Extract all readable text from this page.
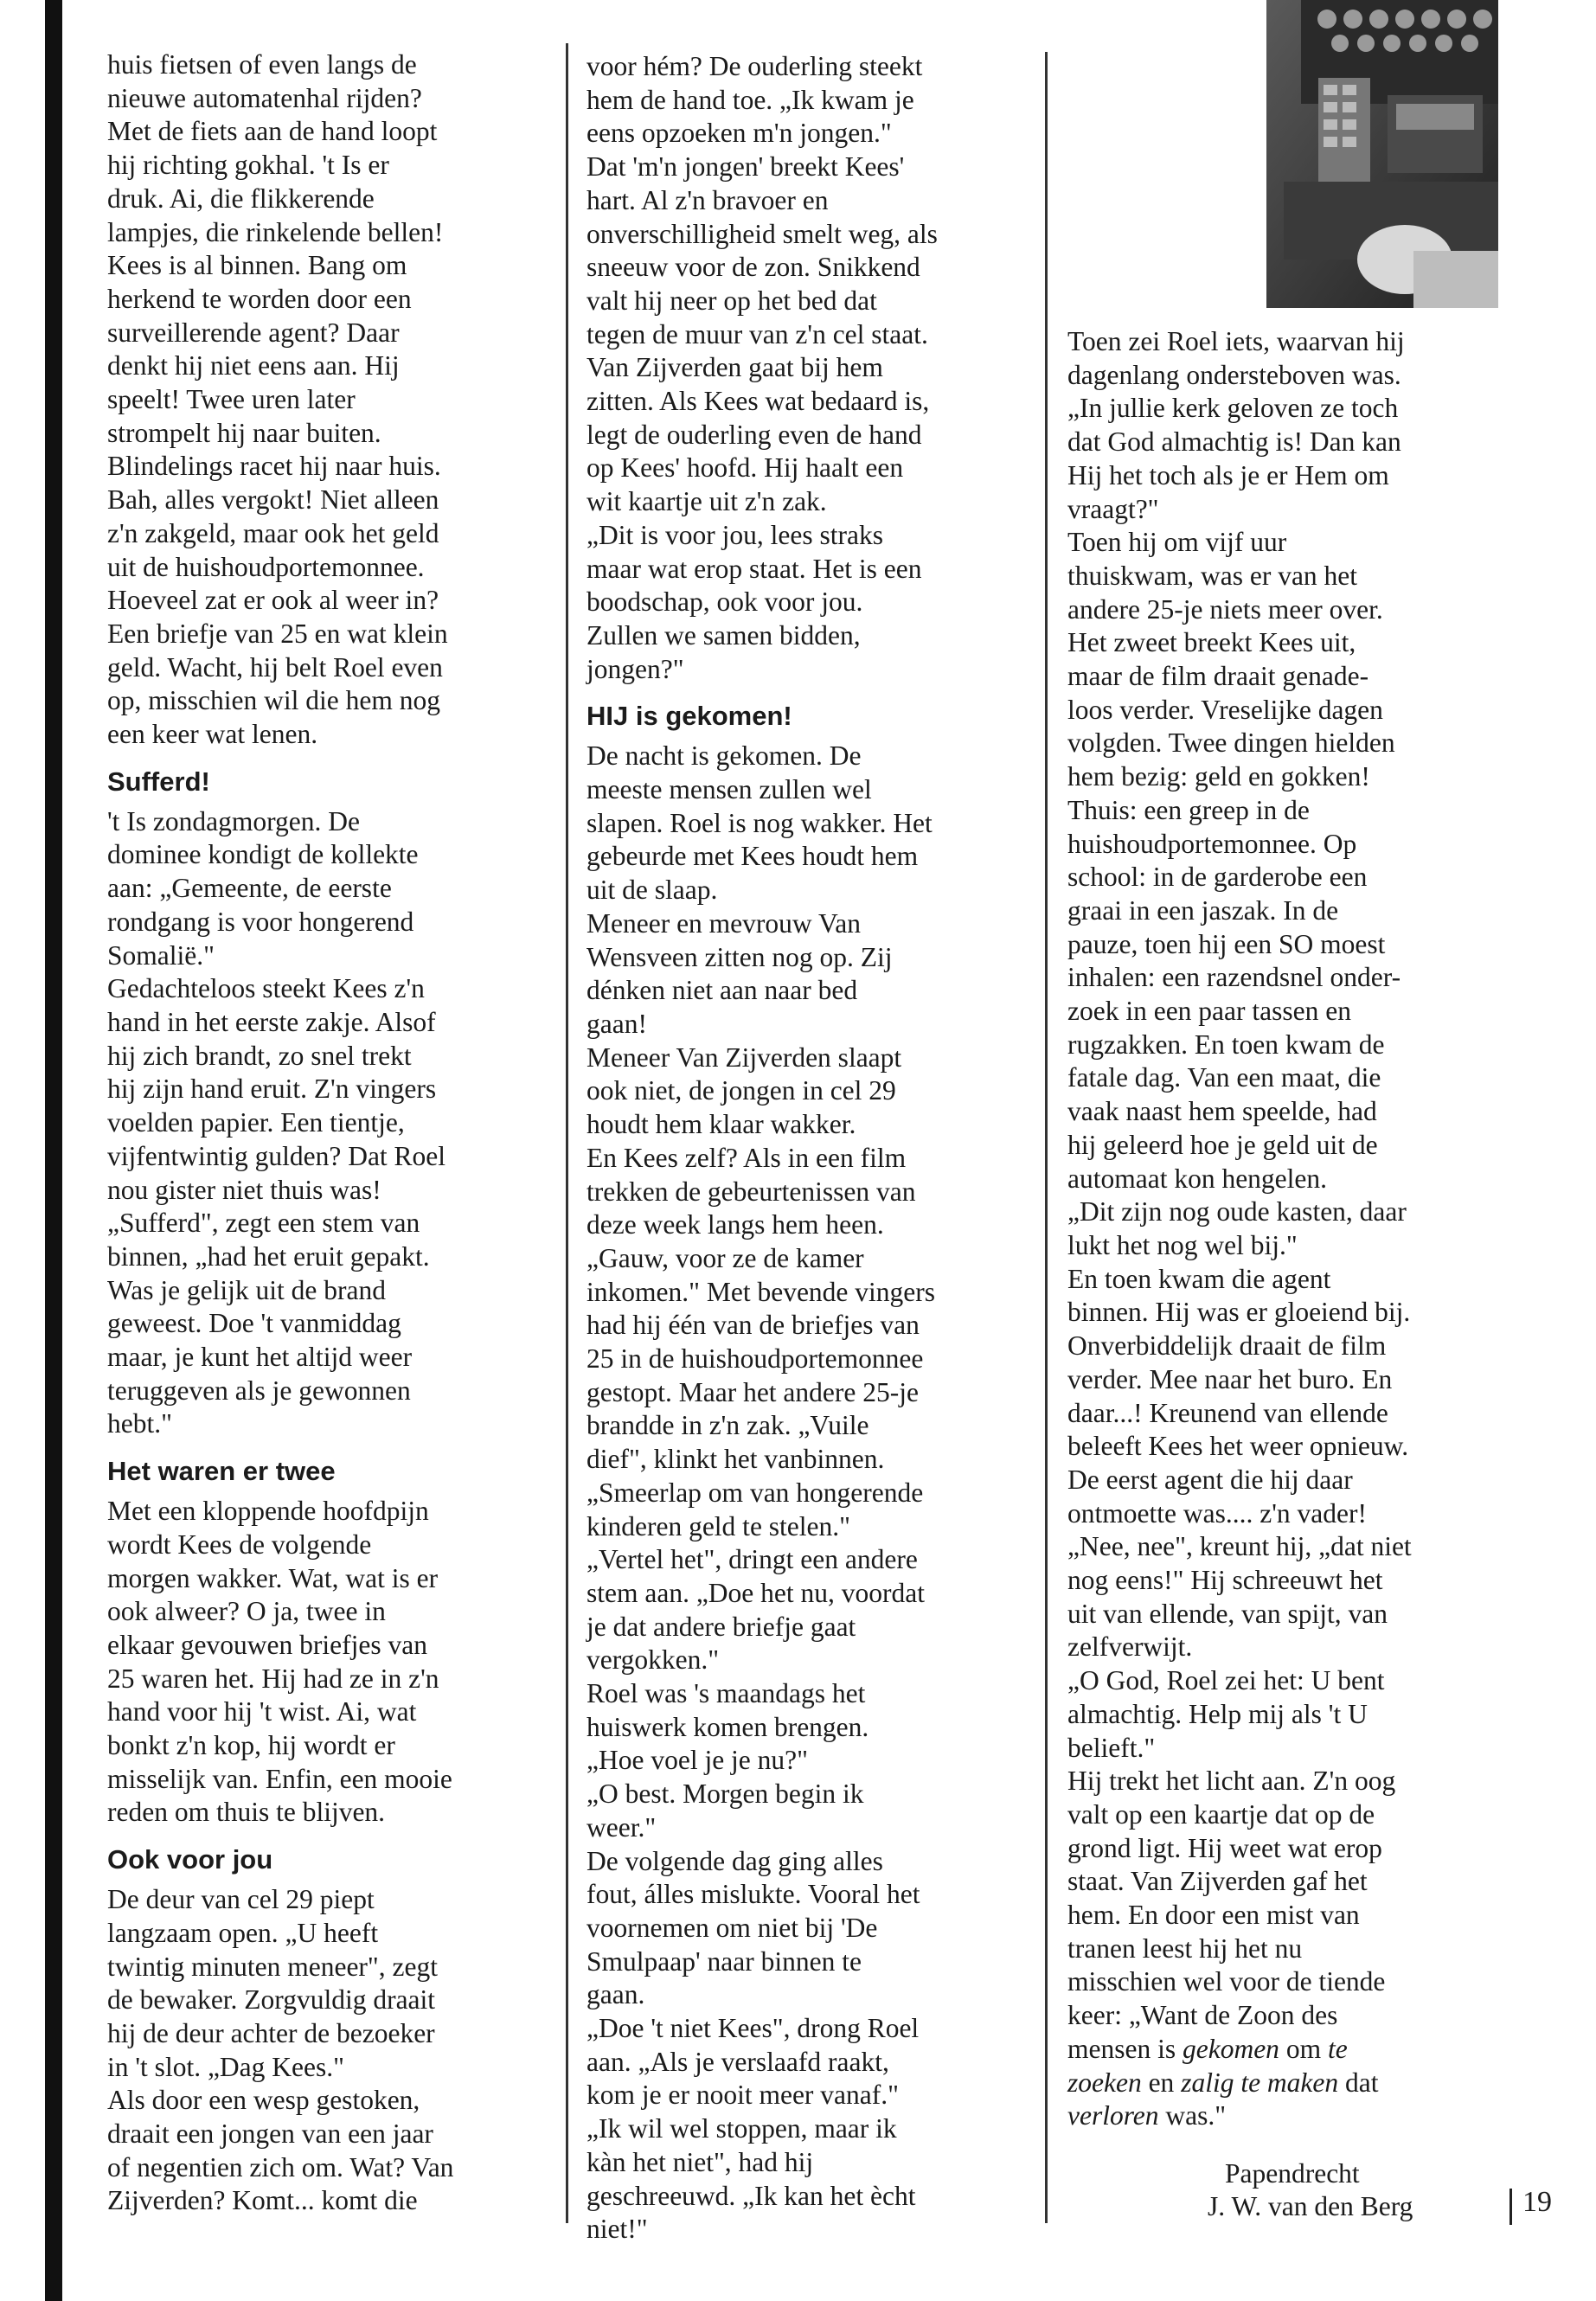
huis fietsen of even langs de
nieuwe automatenhal rijden?
Met de fiets aan de hand loopt
hij richting gokhal. 't Is er
druk. Ai, die flikkerende
lampjes, die rinkelende bellen!
Kees is al binnen. Bang om
herkend te worden door een
surveillerende agent? Daar
denkt hij niet eens aan. Hij
speelt! Twee uren later
strompelt hij naar buiten.
Blindelings racet hij naar huis.
Bah, alles vergokt! Niet alleen
z'n zakgeld, maar ook het geld
uit de huishoudportemonnee.
Hoeveel zat er ook al weer in?
Een briefje van 25 en wat klein
geld. Wacht, hij belt Roel even
op, misschien wil die hem nog
een keer wat lenen.

Sufferd!

't Is zondagmorgen. De
dominee kondigt de kollekte
aan: „Gemeente, de eerste
rondgang is voor hongerend
Somalië."
Gedachteloos steekt Kees z'n
hand in het eerste zakje. Alsof
hij zich brandt, zo snel trekt
hij zijn hand eruit. Z'n vingers
voelden papier. Een tientje,
vijfentwintig gulden? Dat Roel
nou gister niet thuis was!
„Sufferd", zegt een stem van
binnen, „had het eruit gepakt.
Was je gelijk uit de brand
geweest. Doe 't vanmiddag
maar, je kunt het altijd weer
teruggeven als je gewonnen
hebt."

Het waren er twee

Met een kloppende hoofdpijn
wordt Kees de volgende
morgen wakker. Wat, wat is er
ook alweer? O ja, twee in
elkaar gevouwen briefjes van
25 waren het. Hij had ze in z'n
hand voor hij 't wist. Ai, wat
bonkt z'n kop, hij wordt er
misselijk van. Enfin, een mooie
reden om thuis te blijven.

Ook voor jou

De deur van cel 29 piept
langzaam open. „U heeft
twintig minuten meneer", zegt
de bewaker. Zorgvuldig draait
hij de deur achter de bezoeker
in 't slot. „Dag Kees."
Als door een wesp gestoken,
draait een jongen van een jaar
of negentien zich om. Wat? Van
Zijverden? Komt... komt die

voor hém? De ouderling steekt
hem de hand toe. „Ik kwam je
eens opzoeken m'n jongen."
Dat 'm'n jongen' breekt Kees'
hart. Al z'n bravoer en
onverschilligheid smelt weg, als
sneeuw voor de zon. Snikkend
valt hij neer op het bed dat
tegen de muur van z'n cel staat.
Van Zijverden gaat bij hem
zitten. Als Kees wat bedaard is,
legt de ouderling even de hand
op Kees' hoofd. Hij haalt een
wit kaartje uit z'n zak.
„Dit is voor jou, lees straks
maar wat erop staat. Het is een
boodschap, ook voor jou.
Zullen we samen bidden,
jongen?"

HIJ is gekomen!

De nacht is gekomen. De
meeste mensen zullen wel
slapen. Roel is nog wakker. Het
gebeurde met Kees houdt hem
uit de slaap.
Meneer en mevrouw Van
Wensveen zitten nog op. Zij
dénken niet aan naar bed
gaan!
Meneer Van Zijverden slaapt
ook niet, de jongen in cel 29
houdt hem klaar wakker.
En Kees zelf? Als in een film
trekken de gebeurtenissen van
deze week langs hem heen.
„Gauw, voor ze de kamer
inkomen." Met bevende vingers
had hij één van de briefjes van
25 in de huishoudportemonnee
gestopt. Maar het andere 25-je
brandde in z'n zak. „Vuile
dief", klinkt het vanbinnen.
„Smeerlap om van hongerende
kinderen geld te stelen."
„Vertel het", dringt een andere
stem aan. „Doe het nu, voordat
je dat andere briefje gaat
vergokken."
Roel was 's maandags het
huiswerk komen brengen.
„Hoe voel je je nu?"
„O best. Morgen begin ik
weer."
De volgende dag ging alles
fout, álles mislukte. Vooral het
voornemen om niet bij 'De
Smulpaap' naar binnen te
gaan.
„Doe 't niet Kees", drong Roel
aan. „Als je verslaafd raakt,
kom je er nooit meer vanaf."
„Ik wil wel stoppen, maar ik
kàn het niet", had hij
geschreeuwd. „Ik kan het ècht
niet!"

Toen zei Roel iets, waarvan hij
dagenlang ondersteboven was.
„In jullie kerk geloven ze toch
dat God almachtig is! Dan kan
Hij het toch als je er Hem om
vraagt?"
Toen hij om vijf uur
thuiskwam, was er van het
andere 25-je niets meer over.
Het zweet breekt Kees uit,
maar de film draait genade-
loos verder. Vreselijke dagen
volgden. Twee dingen hielden
hem bezig: geld en gokken!
Thuis: een greep in de
huishoudportemonnee. Op
school: in de garderobe een
graai in een jaszak. In de
pauze, toen hij een SO moest
inhalen: een razendsnel onder-
zoek in een paar tassen en
rugzakken. En toen kwam de
fatale dag. Van een maat, die
vaak naast hem speelde, had
hij geleerd hoe je geld uit de
automaat kon hengelen.
„Dit zijn nog oude kasten, daar
lukt het nog wel bij."
En toen kwam die agent
binnen. Hij was er gloeiend bij.
Onverbiddelijk draait de film
verder. Mee naar het buro. En
daar...! Kreunend van ellende
beleeft Kees het weer opnieuw.
De eerst agent die hij daar
ontmoette was.... z'n vader!
„Nee, nee", kreunt hij, „dat niet
nog eens!" Hij schreeuwt het
uit van ellende, van spijt, van
zelfverwijt.
„O God, Roel zei het: U bent
almachtig. Help mij als 't U
belieft."
Hij trekt het licht aan. Z'n oog
valt op een kaartje dat op de
grond ligt. Hij weet wat erop
staat. Van Zijverden gaf het
hem. En door een mist van
tranen leest hij het nu
misschien wel voor de tiende
keer: „Want de Zoon des
mensen is gekomen om te
zoeken en zalig te maken dat
verloren was."

Papendrecht
J. W. van den Berg	19
